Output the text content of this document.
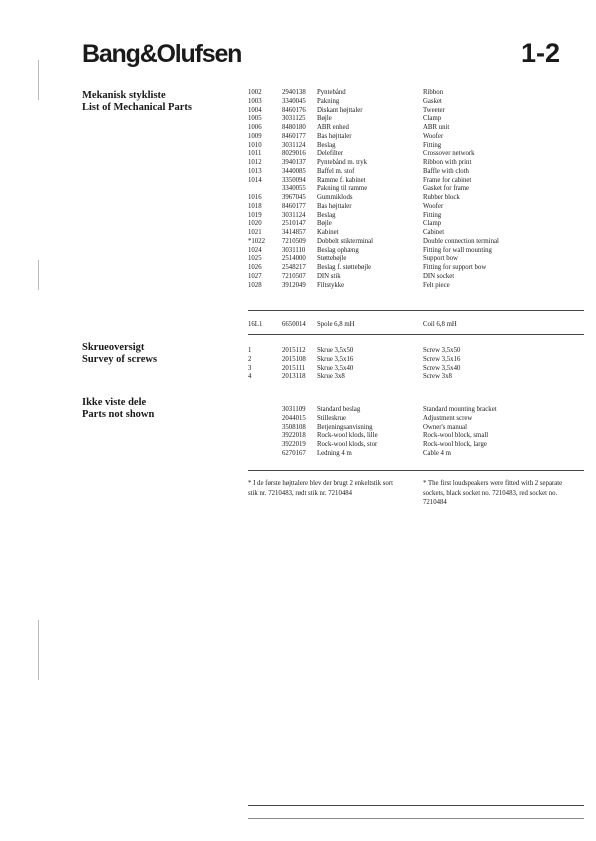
Bang&Olufsen	1-2
Mekanisk stykliste
List of Mechanical Parts
Skrueoversigt
Survey of screws
Ikke viste dele
Parts not shown
1002	2940138 Pyntebånd	Ribbon
1003	3340045 Pakning	Gasket
1004	8460176 Diskant højttaler	Tweeter
1005	3031125 Bøjle	Clamp
1006	8480180 ABR enhed	ABR unit
1009	8460177 Bas højttaler	Woofer
1010	3031124 Beslag	Fitting
1011	8029016 Delefilter	Crossover network
1012	3940137 Pyntebånd m. tryk	Ribbon with print
1013	3440085 Baffel m. stof	Baffle with cloth
1014	3350094 Ramme f. kabinet	Frame for cabinet
3340055 Pakning til ramme	Gasket for frame
1016	3967045 Gummiklods	Rubber block
1018	8460177 Bas højttaler	Woofer
1019	3031124 Beslag	Fitting
1020	2510147 Bøjle	Clamp
1021	3414857 Kabinet	Cabinet
*1022	7210509 Dobbelt stikterminal	Double connection terminal
1024	3031110 Beslag ophæng	Fitting for wall mounting
1025	2514000 Støttebøjle	Support bow
1026	2548217 Beslag f. støttebøjle	Fitting for support bow
1027	7210507 DIN stik	DIN socket
1028	3912049 Filtstykke	Felt piece
16L1	6650014 Spole 6,8 mH	Coil 6,8 mH
1	2015112 Skrue 3,5x50	Screw 3,5x50
2	2015108 Skrue 3,5x16	Screw 3,5x16
3	2015111 Skrue 3,5x40	Screw 3,5x40
4	2013118 Skrue 3x8	Screw 3x8
3031109 Standard beslag	Standard mounting bracket
2044015 Stilleskrue	Adjustment screw
3508108 Betjeningsanvisning	Owner's manual
3922018 Rock-wool klods, lille	Rock-wool block, small
3922019 Rock-wool klods, stor	Rock-wool block, large
6270167 Ledning 4 m	Cable 4 m
* I de første højttalere blev der brugt 2 enkeltstik sort stik nr. 7210483, rødt stik nr. 7210484
* The first loudspeakers were fitted with 2 separate sockets, black socket no. 7210483, red socket no. 7210484
